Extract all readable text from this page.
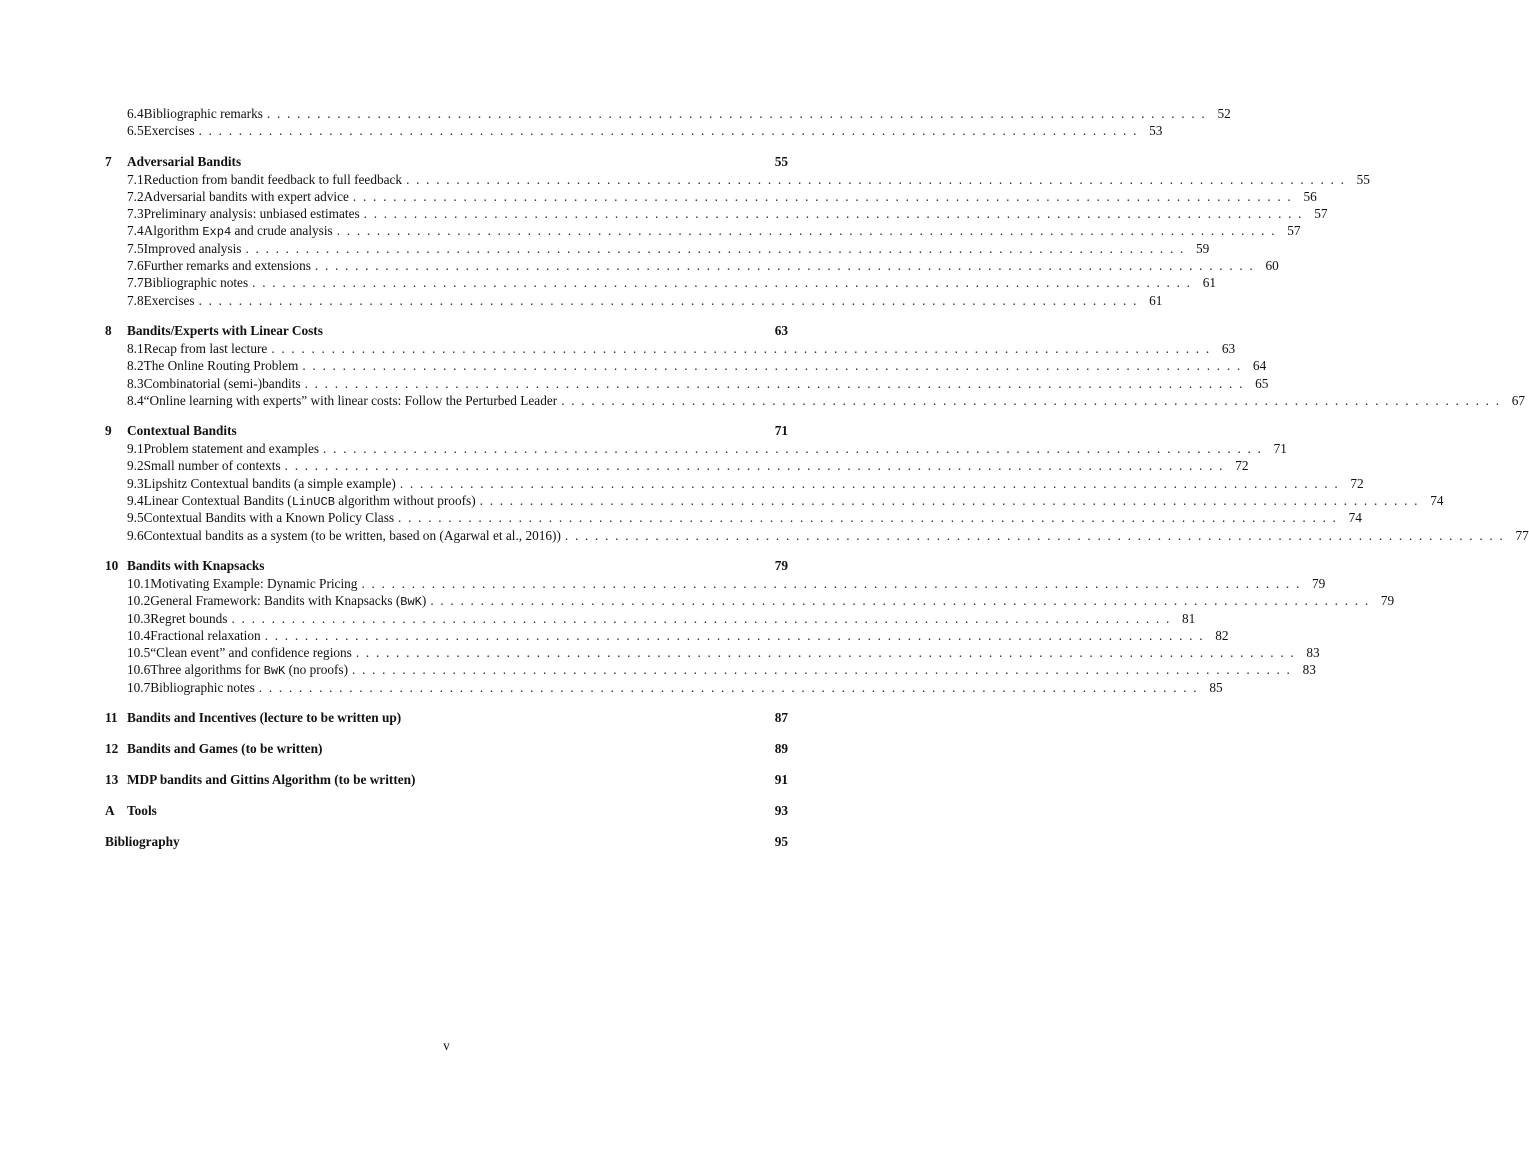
6.4 Bibliographic remarks . . .	52
6.5 Exercises . . .	53
7	Adversarial Bandits	55
7.1 Reduction from bandit feedback to full feedback . . .	55
7.2 Adversarial bandits with expert advice . . .	56
7.3 Preliminary analysis: unbiased estimates . . .	57
7.4 Algorithm Exp4 and crude analysis . . .	57
7.5 Improved analysis . . .	59
7.6 Further remarks and extensions . . .	60
7.7 Bibliographic notes . . .	61
7.8 Exercises . . .	61
8	Bandits/Experts with Linear Costs	63
8.1 Recap from last lecture . . .	63
8.2 The Online Routing Problem . . .	64
8.3 Combinatorial (semi-)bandits . . .	65
8.4 “Online learning with experts” with linear costs: Follow the Perturbed Leader . . .	67
9	Contextual Bandits	71
9.1 Problem statement and examples . . .	71
9.2 Small number of contexts . . .	72
9.3 Lipshitz Contextual bandits (a simple example) . . .	72
9.4 Linear Contextual Bandits (LinUCB algorithm without proofs) . . .	74
9.5 Contextual Bandits with a Known Policy Class . . .	74
9.6 Contextual bandits as a system (to be written, based on (Agarwal et al., 2016)) . . .	77
10 Bandits with Knapsacks	79
10.1 Motivating Example: Dynamic Pricing . . .	79
10.2 General Framework: Bandits with Knapsacks (BwK) . . .	79
10.3 Regret bounds . . .	81
10.4 Fractional relaxation . . .	82
10.5 “Clean event” and confidence regions . . .	83
10.6 Three algorithms for BwK (no proofs) . . .	83
10.7 Bibliographic notes . . .	85
11 Bandits and Incentives (lecture to be written up)	87
12 Bandits and Games (to be written)	89
13 MDP bandits and Gittins Algorithm (to be written)	91
A Tools	93
Bibliography	95
v
